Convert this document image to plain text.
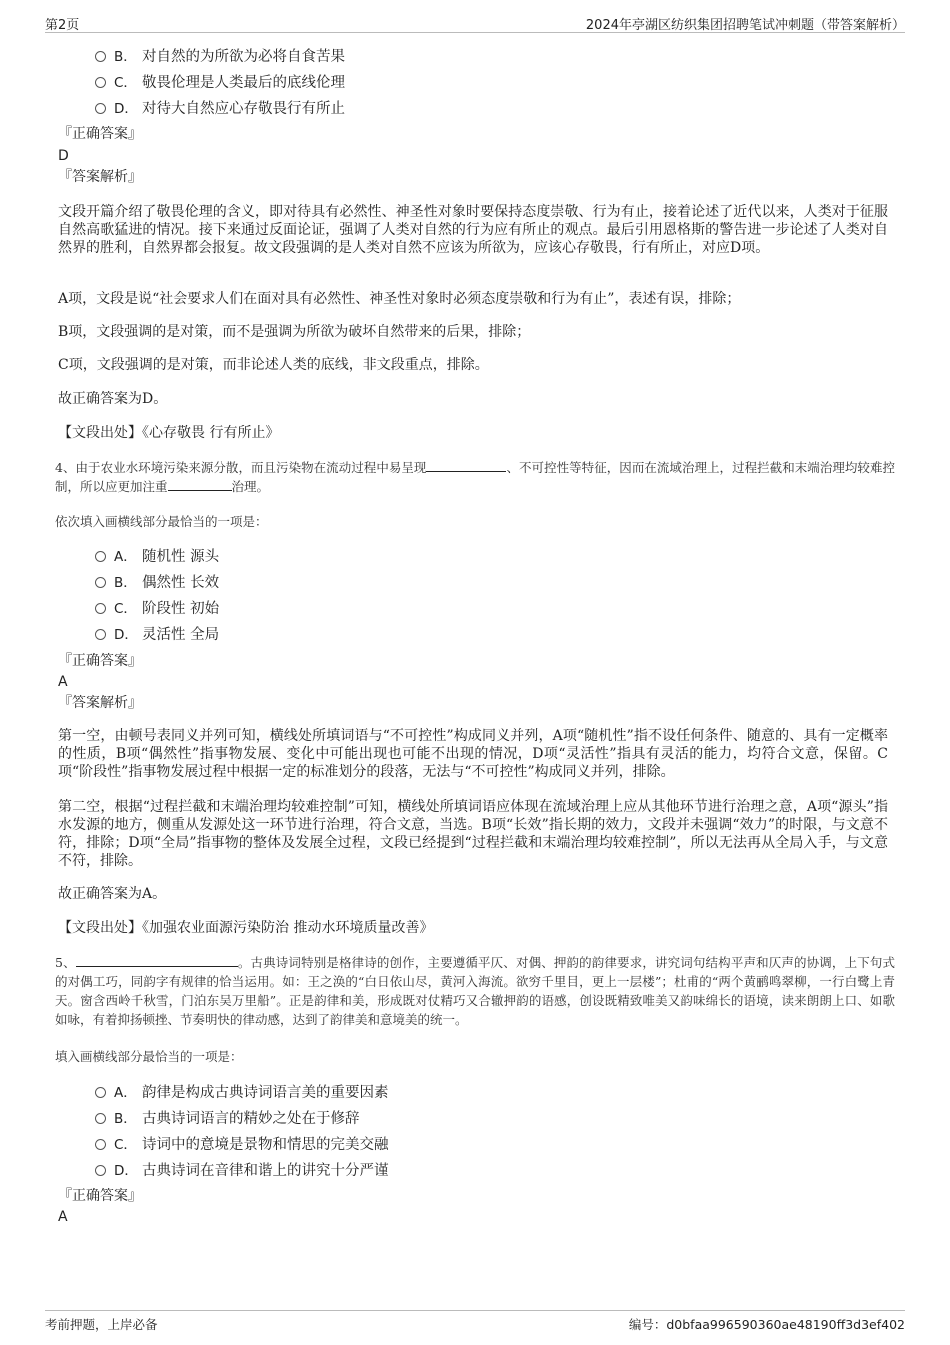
第2页	2024年亭湖区纺织集团招聘笔试冲刺题（带答案解析）
B． 对自然的为所欲为必将自食苦果
C． 敬畏伦理是人类最后的底线伦理
D． 对待大自然应心存敬畏行有所止
『正确答案』
D
『答案解析』
文段开篇介绍了敬畏伦理的含义，即对待具有必然性、神圣性对象时要保持态度崇敬、行为有止，接着论述了近代以来，人类对于征服自然高歌猛进的情况。接下来通过反面论证，强调了人类对自然的行为应有所止的观点。最后引用恩格斯的警告进一步论述了人类对自然界的胜利，自然界都会报复。故文段强调的是人类对自然不应该为所欲为，应该心存敬畏，行有所止，对应D项。
A项，文段是说“社会要求人们在面对具有必然性、神圣性对象时必须态度崇敬和行为有止”，表述有误，排除；
B项，文段强调的是对策，而不是强调为所欲为破坏自然带来的后果，排除；
C项，文段强调的是对策，而非论述人类的底线，非文段重点，排除。
故正确答案为D。
【文段出处】《心存敬畏 行有所止》
4、由于农业水环境污染来源分散，而且污染物在流动过程中易呈现	、不可控性等特征，因而在流域治理上，过程拦截和末端治理均较难控制，所以应更加注重	治理。
依次填入画横线部分最恰当的一项是：
A． 随机性 源头
B． 偶然性 长效
C． 阶段性 初始
D． 灵活性 全局
『正确答案』
A
『答案解析』
第一空，由顿号表同义并列可知，横线处所填词语与“不可控性”构成同义并列，A项“随机性”指不设任何条件、随意的、具有一定概率的性质，B项“偶然性”指事物发展、变化中可能出现也可能不出现的情况，D项“灵活性”指具有灵活的能力，均符合文意，保留。C项“阶段性”指事物发展过程中根据一定的标准划分的段落，无法与“不可控性”构成同义并列，排除。
第二空，根据“过程拦截和末端治理均较难控制”可知，横线处所填词语应体现在流域治理上应从其他环节进行治理之意，A项“源头”指水发源的地方，侧重从发源处这一环节进行治理，符合文意，当选。B项“长效”指长期的效力，文段并未强调“效力”的时限，与文意不符，排除；D项“全局”指事物的整体及发展全过程，文段已经提到“过程拦截和末端治理均较难控制”，所以无法再从全局入手，与文意不符，排除。
故正确答案为A。
【文段出处】《加强农业面源污染防治 推动水环境质量改善》
5、	。古典诗词特别是格律诗的创作，主要遵循平仄、对偶、押韵的韵律要求，讲究词句结构平声和仄声的协调，上下句式的对偶工巧，同韵字有规律的恰当运用。如：王之涣的“白日依山尽，黄河入海流。欲穷千里目，更上一层楼”；杜甫的“两个黄鹂鸣翠柳，一行白鹭上青天。窗含西岭千秋雪，门泊东吴万里船”。正是韵律和美，形成既对仗精巧又合辙押韵的语感，创设既精致唯美又韵味绵长的语境，读来朗朗上口、如歌如咏，有着抑扬顿挫、节奏明快的律动感，达到了韵律美和意境美的统一。
填入画横线部分最恰当的一项是：
A． 韵律是构成古典诗词语言美的重要因素
B． 古典诗词语言的精妙之处在于修辞
C． 诗词中的意境是景物和情思的完美交融
D． 古典诗词在音律和谐上的讲究十分严谨
『正确答案』
A
考前押题，上岸必备	编号：d0bfaa996590360ae48190ff3d3ef402
